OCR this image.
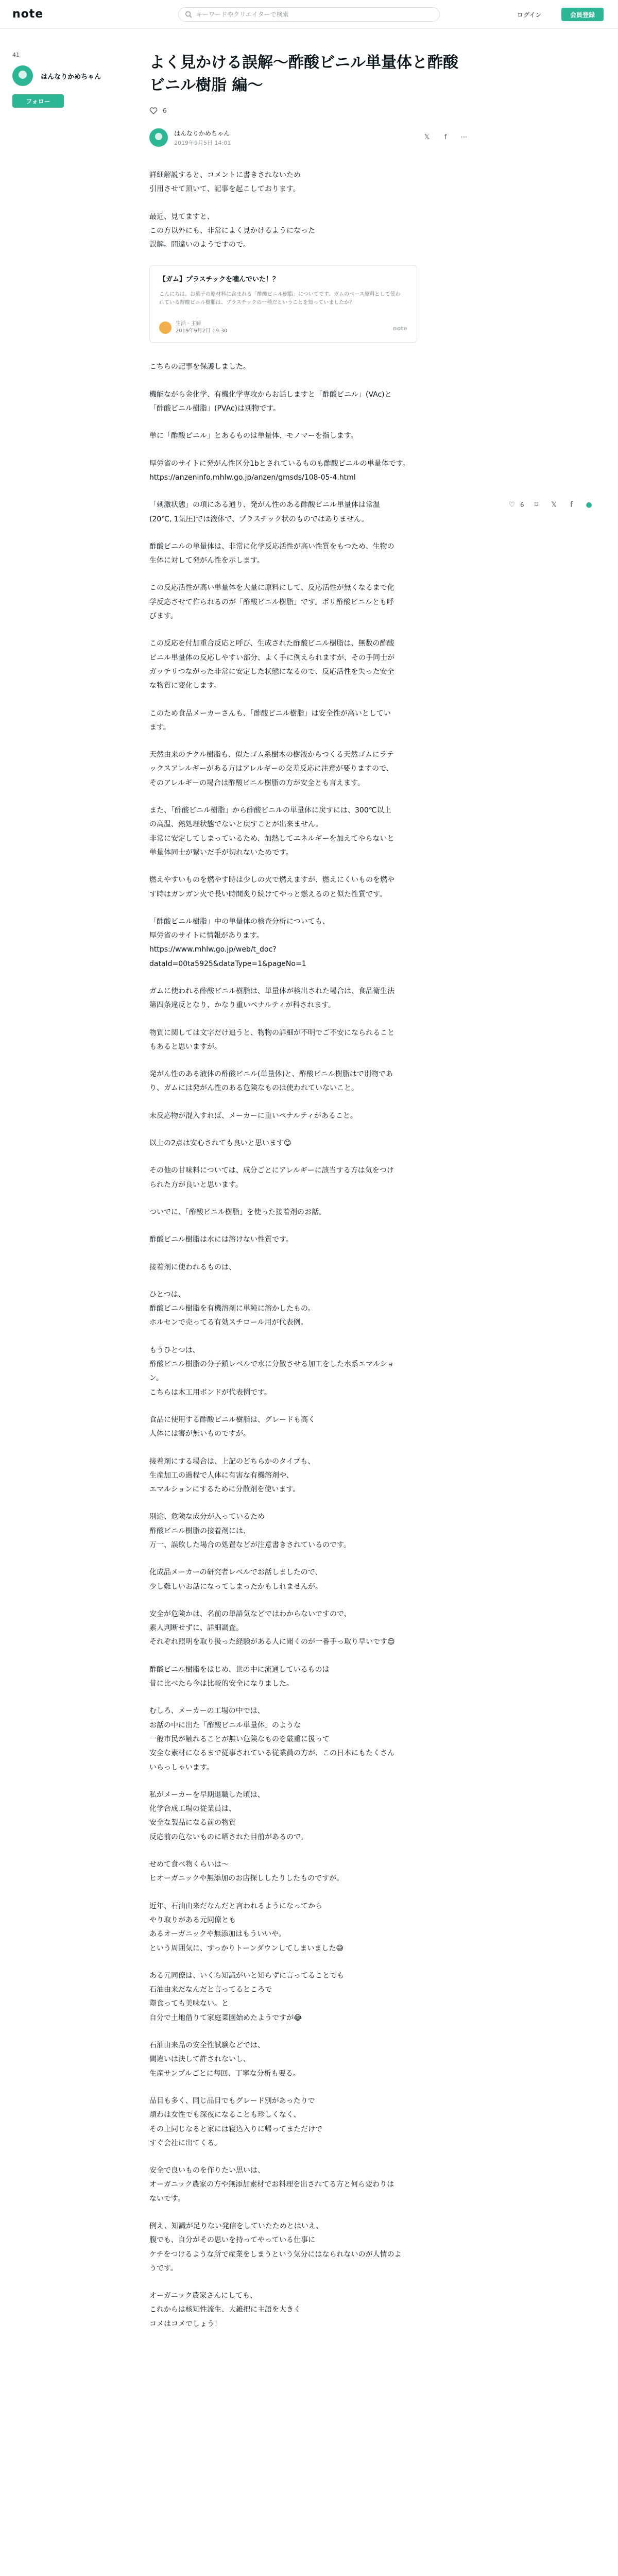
note
キーワードやクリエイターで検索	ログイン	会員登録
41
はんなりかめちゃん
フォロー
よく見かける誤解〜酢酸ビニル単量体と酢酸ビニル樹脂 編〜
6
はんなりかめちゃん
2019年9月5日 14:01
𝕏	f	⋯

詳細解説すると、コメントに書きされないため
引用させて頂いて、記事を起こしております。

最近、見てますと、
この方以外にも、非常によく見かけるようになった
誤解。間違いのようですので。

【ガム】プラスチックを噛んでいた！？
こんにちは。お菓子の原材料に含まれる「酢酸ビニル樹脂」についてです。ガムのベース原料として使われている酢酸ビニル樹脂は、プラスチックの一種だということを知っていましたか？
生活 · 主婦
2019年9月2日 19:30	note

こちらの記事を保護しました。

機能ながら金化学、有機化学専攻からお話しますと「酢酸ビニル」(VAc)と
「酢酸ビニル樹脂」(PVAc)は別物です。

単に「酢酸ビニル」とあるものは単量体、モノマーを指します。

厚労省のサイトに発がん性区分1bとされているものも酢酸ビニルの単量体です。
https://anzeninfo.mhlw.go.jp/anzen/gmsds/108-05-4.html

「刺激状態」の項にある通り、発がん性のある酢酸ビニル単量体は常温
(20℃, 1気圧)では液体で、プラスチック状のものではありません。

酢酸ビニルの単量体は、非常に化学反応活性が高い性質をもつため、生物の
生体に対して発がん性を示します。

この反応活性が高い単量体を大量に原料にして、反応活性が無くなるまで化
学反応させて作られるのが「酢酸ビニル樹脂」です。ポリ酢酸ビニルとも呼
びます。

この反応を付加重合反応と呼び、生成された酢酸ビニル樹脂は、無数の酢酸
ビニル単量体の反応しやすい部分、よく手に例えられますが、その手同士が
ガッチリつながった非常に安定した状態になるので、反応活性を失った安全
な物質に変化します。

このため食品メーカーさんも、「酢酸ビニル樹脂」は安全性が高いとしてい
ます。

天然由来のチクル樹脂も、似たゴム系樹木の樹液からつくる天然ゴムにラテ
ックスアレルギーがある方はアレルギーの交差反応に注意が要りますので、
そのアレルギーの場合は酢酸ビニル樹脂の方が安全とも言えます。

また、「酢酸ビニル樹脂」から酢酸ビニルの単量体に戻すには、300℃以上
の高温、熱処理状態でないと戻すことが出来ません。
非常に安定してしまっているため、加熱してエネルギーを加えてやらないと
単量体同士が繋いだ手が切れないためです。

燃えやすいものを燃やす時は少しの火で燃えますが、燃えにくいものを燃や
す時はガンガン火で長い時間炙り続けてやっと燃えるのと似た性質です。

「酢酸ビニル樹脂」中の単量体の検査分析についても、
厚労省のサイトに情報があります。
https://www.mhlw.go.jp/web/t_doc?
dataId=00ta5925&dataType=1&pageNo=1

ガムに使われる酢酸ビニル樹脂は、単量体が検出された場合は、食品衛生法
第四条違反となり、かなり重いペナルティが科されます。

物質に関しては文字だけ追うと、物物の詳細が不明でご不安になられること
もあると思いますが。

発がん性のある液体の酢酸ビニル(単量体)と、酢酸ビニル樹脂はで別物であ
り、ガムには発がん性のある危険なものは使われていないこと。

未反応物が混入すれば、メーカーに重いペナルティがあること。

以上の2点は安心されても良いと思います😊

その他の甘味料については、成分ごとにアレルギーに該当する方は気をつけ
られた方が良いと思います。

ついでに、「酢酸ビニル樹脂」を使った接着剤のお話。

酢酸ビニル樹脂は水には溶けない性質です。

接着剤に使われるものは、

ひとつは、
酢酸ビニル樹脂を有機溶剤に単純に溶かしたもの。
ホルセンで売ってる有効スチロール用が代表例。

もうひとつは、
酢酸ビニル樹脂の分子鎖レベルで水に分散させる加工をした水系エマルショ
ン。
こちらは木工用ボンドが代表例です。

食品に使用する酢酸ビニル樹脂は、グレードも高く
人体には害が無いものですが。

接着剤にする場合は、上記のどちらかのタイプも、
生産加工の過程で人体に有害な有機溶剤や、
エマルションにするために分散剤を使います。

別途、危険な成分が入っているため
酢酸ビニル樹脂の接着剤には、
万一、誤飲した場合の処置などが注意書きされているのです。

化成品メーカーの研究者レベルでお話しましたので、
少し難しいお話になってしまったかもしれませんが。

安全が危険かは、名前の単語気などではわからないですので、
素人判断せずに、詳細調査。
それぞれ照明を取り扱った経験がある人に聞くのが一番手っ取り早いです😊

酢酸ビニル樹脂をはじめ、世の中に流通しているものは
昔に比べたら今は比較的安全になりました。

むしろ、メーカーの工場の中では、
お話の中に出た「酢酸ビニル単量体」のような
一般市民が触れることが無い危険なものを厳重に扱って
安全な素材になるまで従事されている従業員の方が、この日本にもたくさん
いらっしゃいます。

私がメーカーを早期退職した頃は、
化学合成工場の従業員は、
安全な製品になる前の物質
反応前の危ないものに晒された目前があるので。

せめて食べ物くらいは〜
ヒオーガニックや無添加のお店探ししたりしたものですが。

近年、石油由来だなんだと言われるようになってから
やり取りがある元同僚とも
あるオーガニックや無添加はもういいや。
という周囲気に、すっかりトーンダウンしてしまいました😅

ある元同僚は、いくら知識がいと知らずに言ってることでも
石油由来だなんだと言ってるところで
際食っても美味ない。と
自分で土地借りて家庭菜園始めたようですが😂

石油由来品の安全性試験などでは、
間違いは決して許されないし、
生産サンプルごとに毎回、丁寧な分析も要る。

品目も多く、同じ品目でもグレード別があったりで
煩わは女性でも深夜になることも珍しくなく、
その上同じなると家には寝込入りに帰ってまただけで
すぐ会社に出てくる。

安全で良いものを作りたい思いは、
オーガニック農家の方や無添加素材でお料理を出されてる方と何ら変わりは
ないです。

例え、知識が足りない発信をしていたためとはいえ、
腹でも、自分がその思いを持ってやっている仕事に
ケチをつけるような所で産業をしまうという気分にはなられないのが人情のよ
うです。

オーガニック農家さんにしても、
これからは核知性流生、大雑把に主語を大きく
コメはコメでしょう！

♡ 6	⌑	𝕏	f	●
